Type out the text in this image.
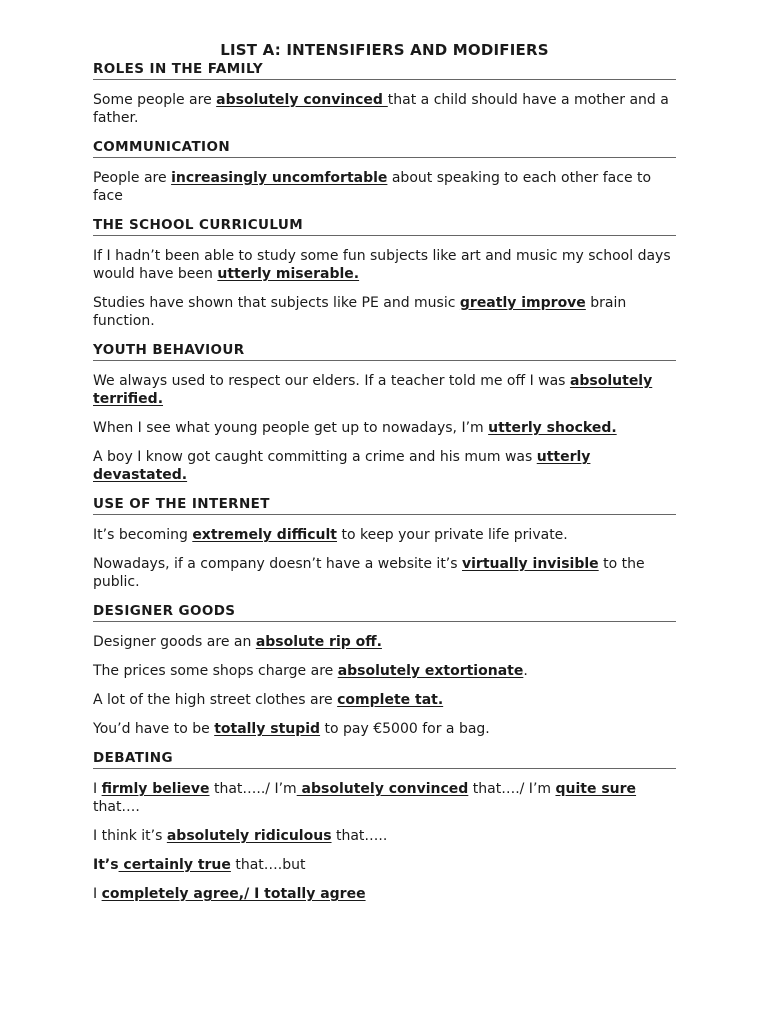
LIST A: INTENSIFIERS AND MODIFIERS
ROLES IN THE FAMILY

Some people are absolutely convinced that a child should have a mother and a father.

COMMUNICATION

People are increasingly uncomfortable about speaking to each other face to face

THE SCHOOL CURRICULUM

If I hadn’t been able to study some fun subjects like art and music my school days would have been utterly miserable.

Studies have shown that subjects like PE and music greatly improve brain function.

YOUTH BEHAVIOUR

We always used to respect our elders. If a teacher told me off I was absolutely terrified.

When I see what young people get up to nowadays, I’m utterly shocked.

A boy I know got caught committing a crime and his mum was utterly devastated.

USE OF THE INTERNET

It’s becoming extremely difficult to keep your private life private.

Nowadays, if a company doesn’t have a website it’s virtually invisible to the public.

DESIGNER GOODS

Designer goods are an absolute rip off.

The prices some shops charge are absolutely extortionate.

A lot of the high street clothes are complete tat.

You’d have to be totally stupid to pay €5000 for a bag.

DEBATING

I firmly believe that…../ I’m absolutely convinced that…./ I’m quite sure that….

I think it’s absolutely ridiculous that…..

It’s certainly true that….but

I completely agree,/ I totally agree
